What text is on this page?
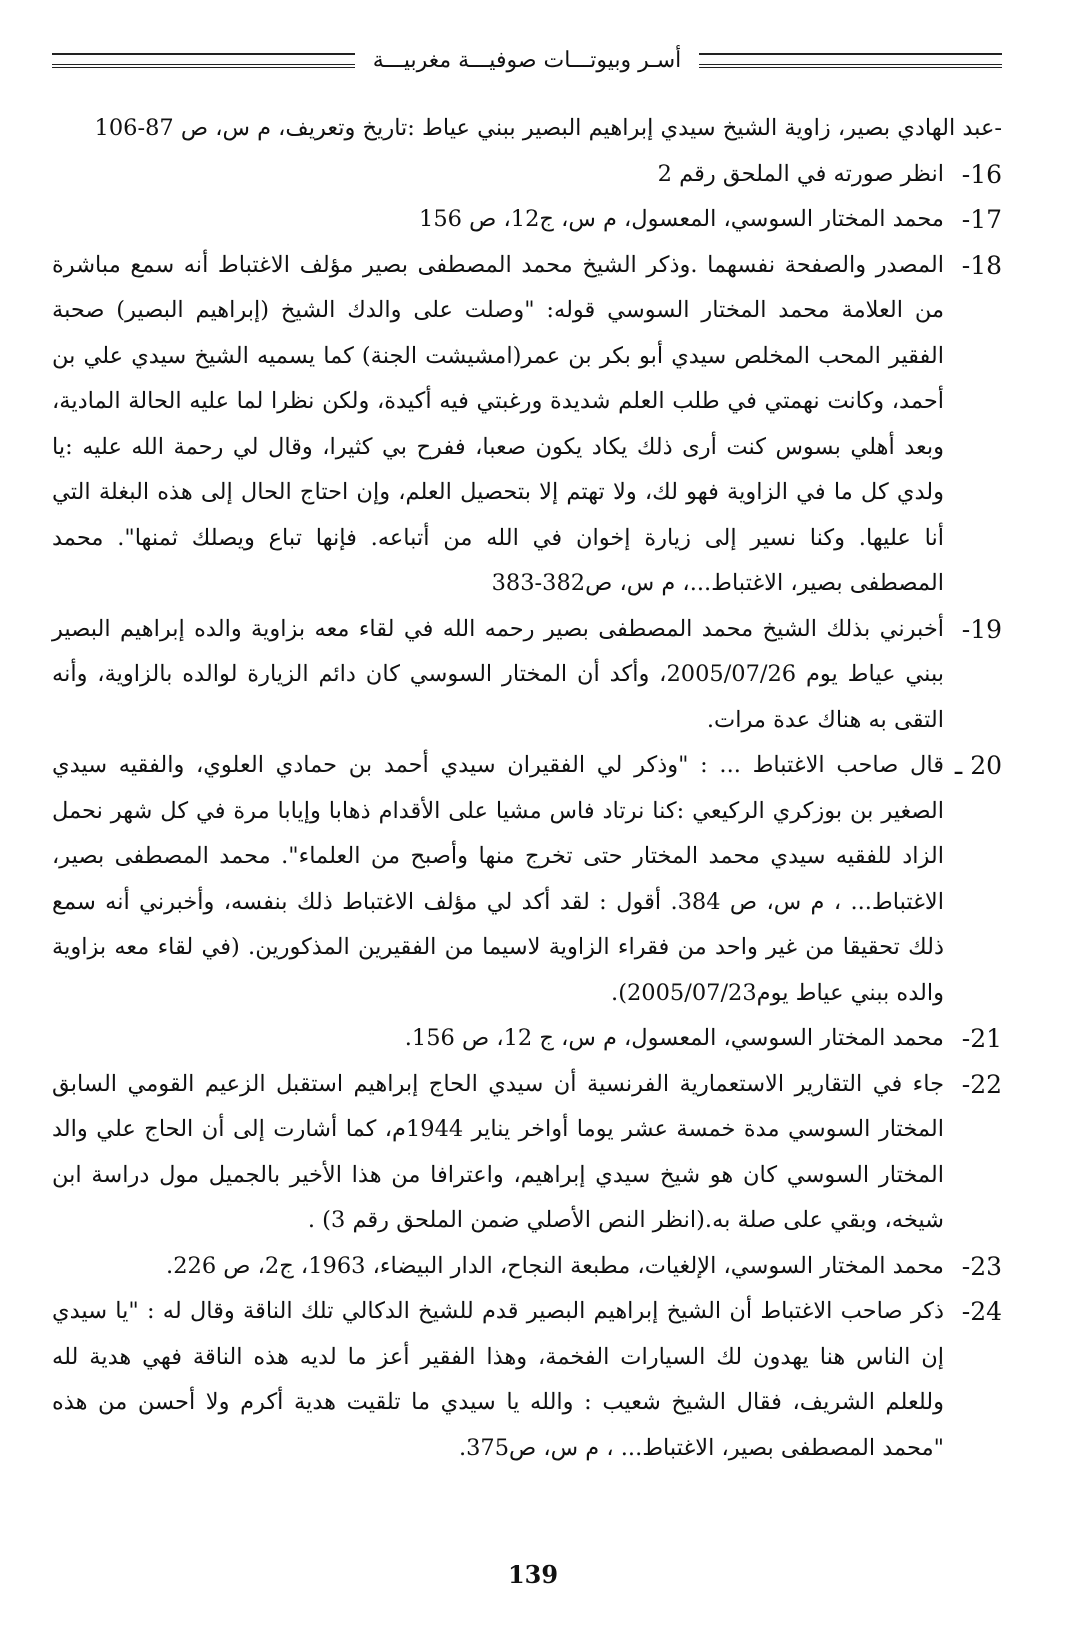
أسـر وبيوتـــات صوفيـــة مغربيـــة
-عبد الهادي بصير، زاوية الشيخ سيدي إبراهيم البصير ببني عياط :تاريخ وتعريف، م س، ص 87-106
16-
انظر صورته في الملحق رقم 2
17-
محمد المختار السوسي، المعسول، م س، ج12، ص 156
18-
المصدر والصفحة نفسهما .وذكر الشيخ محمد المصطفى بصير مؤلف الاغتباط أنه سمع مباشرة من العلامة محمد المختار السوسي قوله: "وصلت على والدك الشيخ (إبراهيم البصير) صحبة الفقير المحب المخلص سيدي أبو بكر بن عمر(امشيشت الجنة) كما يسميه الشيخ سيدي علي بن أحمد، وكانت نهمتي في طلب العلم شديدة ورغبتي فيه أكيدة، ولكن نظرا لما عليه الحالة المادية، وبعد أهلي بسوس كنت أرى ذلك يكاد يكون صعبا، ففرح بي كثيرا، وقال لي رحمة الله عليه :يا ولدي كل ما في الزاوية فهو لك، ولا تهتم إلا بتحصيل العلم، وإن احتاج الحال إلى هذه البغلة التي أنا عليها. وكنا نسير إلى زيارة إخوان في الله من أتباعه. فإنها تباع ويصلك ثمنها". محمد المصطفى بصير، الاغتباط...، م س، ص382-383
19-
أخبرني بذلك الشيخ محمد المصطفى بصير رحمه الله في لقاء معه بزاوية والده إبراهيم البصير ببني عياط يوم 2005/07/26، وأكد أن المختار السوسي كان دائم الزيارة لوالده بالزاوية، وأنه التقى به هناك عدة مرات.
20 ـ
قال صاحب الاغتباط ... : "وذكر لي الفقيران سيدي أحمد بن حمادي العلوي، والفقيه سيدي الصغير بن بوزكري الركيعي :كنا نرتاد فاس مشيا على الأقدام ذهابا وإيابا مرة في كل شهر نحمل الزاد للفقيه سيدي محمد المختار حتى تخرج منها وأصبح من العلماء". محمد المصطفى بصير، الاغتباط... ، م س، ص 384. أقول : لقد أكد لي مؤلف الاغتباط ذلك بنفسه، وأخبرني أنه سمع ذلك تحقيقا من غير واحد من فقراء الزاوية لاسيما من الفقيرين المذكورين. (في لقاء معه بزاوية والده ببني عياط يوم2005/07/23).
21-
محمد المختار السوسي، المعسول، م س، ج 12، ص 156.
22-
جاء في التقارير الاستعمارية الفرنسية أن سيدي الحاج إبراهيم استقبل الزعيم القومي السابق المختار السوسي مدة خمسة عشر يوما أواخر يناير 1944م، كما أشارت إلى أن الحاج علي والد المختار السوسي كان هو شيخ سيدي إبراهيم، واعترافا من هذا الأخير بالجميل مول دراسة ابن شيخه، وبقي على صلة به.(انظر النص الأصلي ضمن الملحق رقم 3) .
23-
محمد المختار السوسي، الإلغيات، مطبعة النجاح، الدار البيضاء، 1963، ج2، ص 226.
24-
ذكر صاحب الاغتباط أن الشيخ إبراهيم البصير قدم للشيخ الدكالي تلك الناقة وقال له : "يا سيدي إن الناس هنا يهدون لك السيارات الفخمة، وهذا الفقير أعز ما لديه هذه الناقة فهي هدية لله وللعلم الشريف، فقال الشيخ شعيب : والله يا سيدي ما تلقيت هدية أكرم ولا أحسن من هذه "محمد المصطفى بصير، الاغتباط... ، م س، ص375.
139
